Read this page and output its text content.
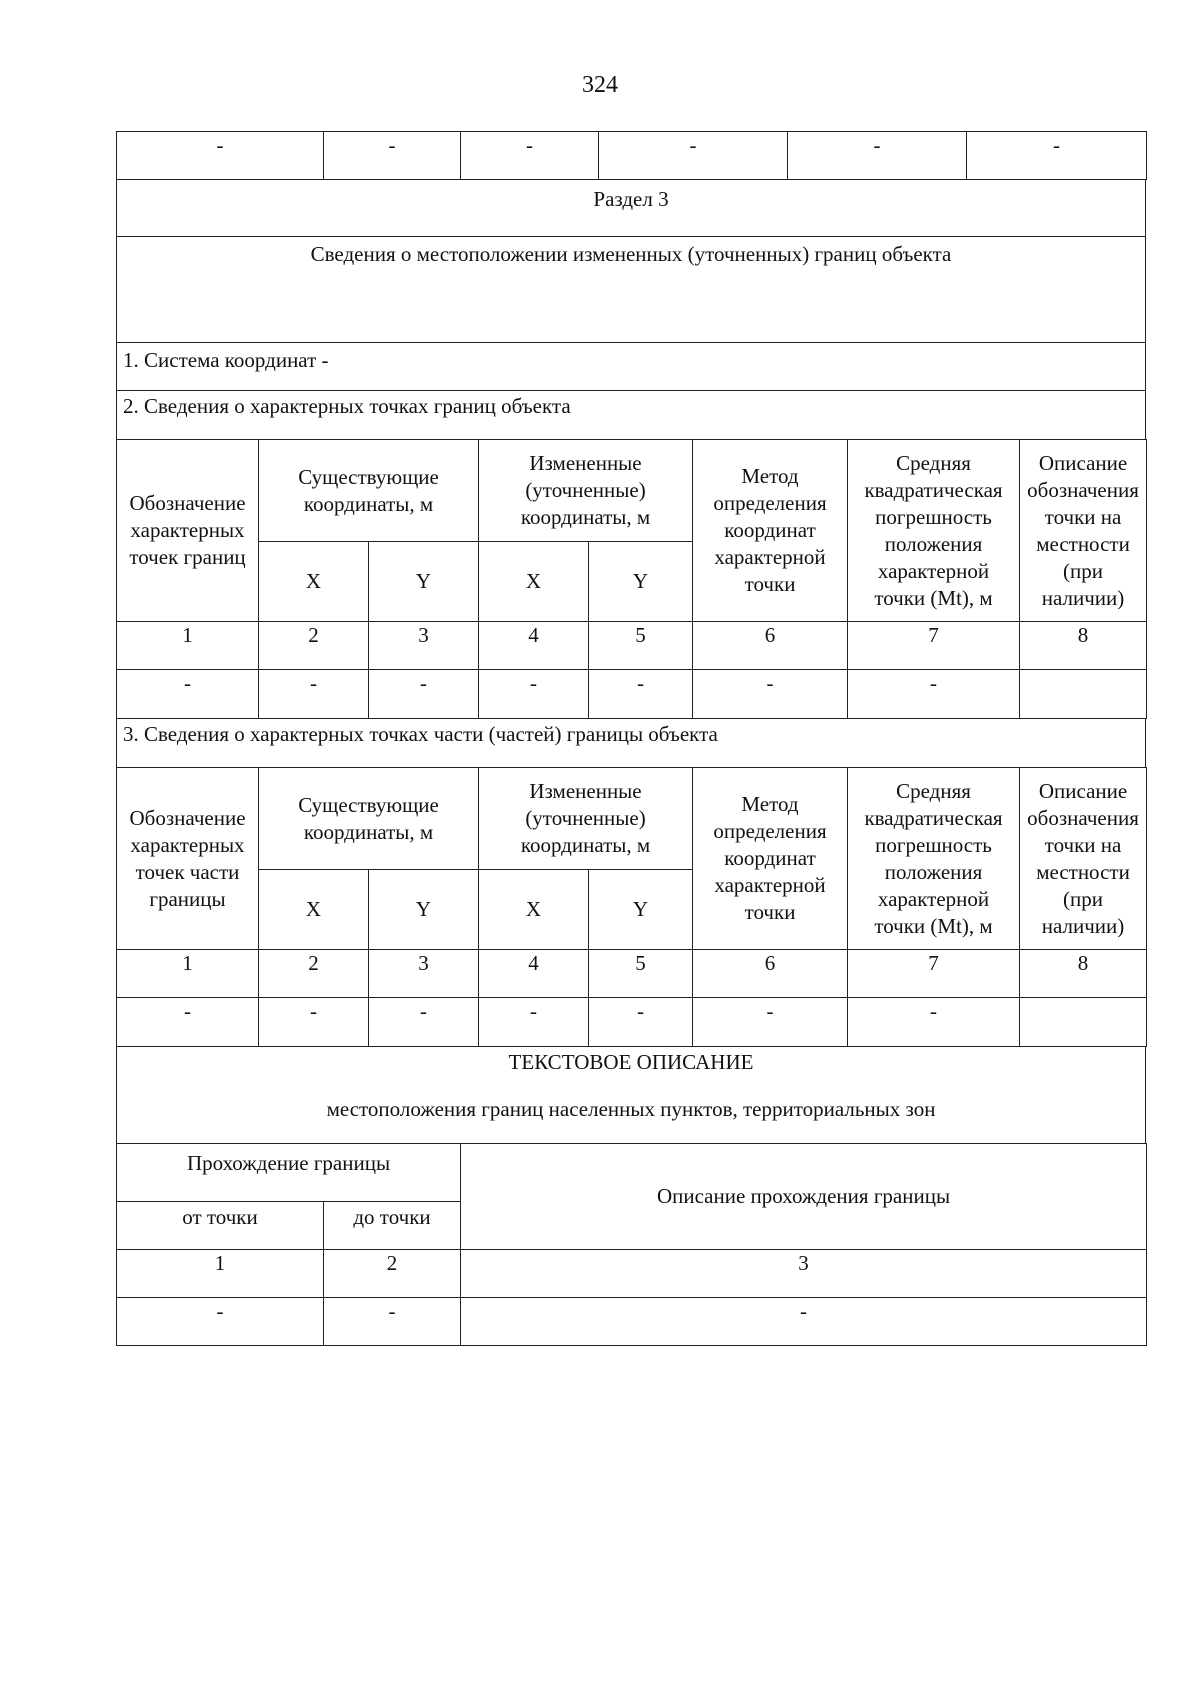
324
-	-	-	-	-	-
Раздел 3
Сведения о местоположении измененных (уточненных) границ объекта
1. Система координат -
2. Сведения о характерных точках границ объекта
Обозначение характерных точек границ	Существующие координаты, м		Измененные (уточненные) координаты, м		Метод определения координат характерной точки	Средняя квадратическая погрешность положения характерной точки (Mt), м	Описание обозначения точки на местности (при наличии)
	X	Y	X	Y			
1	2	3	4	5	6	7	8
-	-	-	-	-	-	-	
3. Сведения о характерных точках части (частей) границы объекта
Обозначение характерных точек части границы	Существующие координаты, м		Измененные (уточненные) координаты, м		Метод определения координат характерной точки	Средняя квадратическая погрешность положения характерной точки (Mt), м	Описание обозначения точки на местности (при наличии)
	X	Y	X	Y			
1	2	3	4	5	6	7	8
-	-	-	-	-	-	-	
ТЕКСТОВОЕ ОПИСАНИЕ
местоположения границ населенных пунктов, территориальных зон
Прохождение границы		Описание прохождения границы
от точки	до точки	
1	2	3
-	-	-
